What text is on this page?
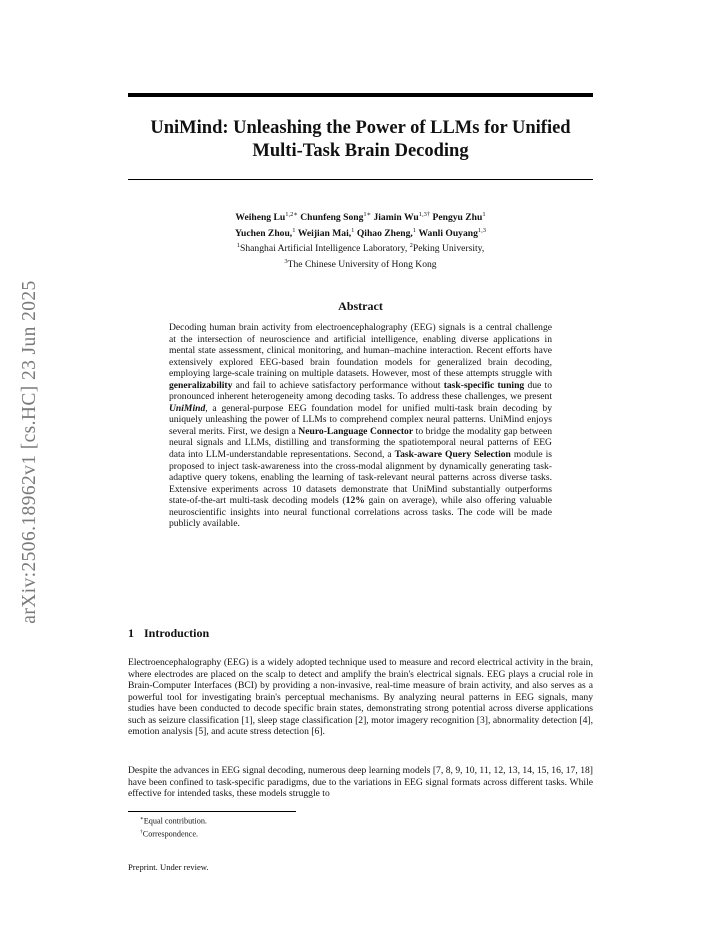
arXiv:2506.18962v1 [cs.HC] 23 Jun 2025
UniMind: Unleashing the Power of LLMs for Unified
Multi-Task Brain Decoding
Weiheng $Lu^{1,2∗}$ Chunfeng Song$^{1∗}$ Jiamin $Wu^{1,3\dagger}$ Pengyu Zhu$^1$
Yuchen Zhou,$^1$ Weijian Mai,$^1$ Qihao Zheng,$^1$ Wanli Ouyang$^{1,3}$
$^1$Shanghai Artificial Intelligence Laboratory, $^2$Peking University,
$^3$The Chinese University of Hong Kong
Abstract
Decoding human brain activity from electroencephalography (EEG) signals is a central challenge at the intersection of neuroscience and artificial intelligence, enabling diverse applications in mental state assessment, clinical monitoring, and human–machine interaction. Recent efforts have extensively explored EEG-based brain foundation models for generalized brain decoding, employing large-scale training on multiple datasets. However, most of these attempts struggle with generalizability and fail to achieve satisfactory performance without task-specific tuning due to pronounced inherent heterogeneity among decoding tasks. To address these challenges, we present UniMind, a general-purpose EEG foundation model for unified multi-task brain decoding by uniquely unleashing the power of LLMs to comprehend complex neural patterns. UniMind enjoys several merits. First, we design a Neuro-Language Connector to bridge the modality gap between neural signals and LLMs, distilling and transforming the spatiotemporal neural patterns of EEG data into LLM-understandable representations. Second, a Task-aware Query Selection module is proposed to inject task-awareness into the cross-modal alignment by dynamically generating task-adaptive query tokens, enabling the learning of task-relevant neural patterns across diverse tasks. Extensive experiments across 10 datasets demonstrate that UniMind substantially outperforms state-of-the-art multi-task decoding models (12% gain on average), while also offering valuable neuroscientific insights into neural functional correlations across tasks. The code will be made publicly available.
1 Introduction
Electroencephalography (EEG) is a widely adopted technique used to measure and record electrical activity in the brain, where electrodes are placed on the scalp to detect and amplify the brain's electrical signals. EEG plays a crucial role in Brain-Computer Interfaces (BCI) by providing a non-invasive, real-time measure of brain activity, and also serves as a powerful tool for investigating brain's perceptual mechanisms. By analyzing neural patterns in EEG signals, many studies have been conducted to decode specific brain states, demonstrating strong potential across diverse applications such as seizure classification [1], sleep stage classification [2], motor imagery recognition [3], abnormality detection [4], emotion analysis [5], and acute stress detection [6].
Despite the advances in EEG signal decoding, numerous deep learning models [7, 8, 9, 10, 11, 12, 13, 14, 15, 16, 17, 18] have been confined to task-specific paradigms, due to the variations in EEG signal formats across different tasks. While effective for intended tasks, these models struggle to
∗Equal contribution.
†Correspondence.
Preprint. Under review.
